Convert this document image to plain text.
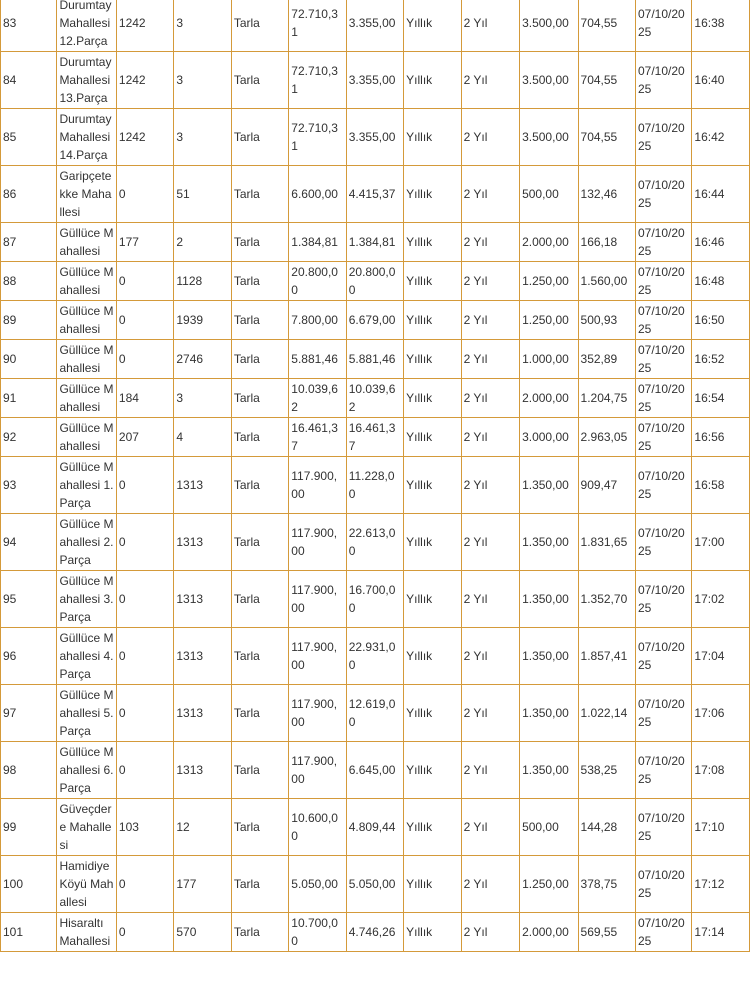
83	Durumtay Mahallesi 12.Parça	1242	3	Tarla	72.710,31	3.355,00	Yıllık	2 Yıl	3.500,00	704,55	07/10/2025	16:38
84	Durumtay Mahallesi 13.Parça	1242	3	Tarla	72.710,31	3.355,00	Yıllık	2 Yıl	3.500,00	704,55	07/10/2025	16:40
85	Durumtay Mahallesi 14.Parça	1242	3	Tarla	72.710,31	3.355,00	Yıllık	2 Yıl	3.500,00	704,55	07/10/2025	16:42
86	Garipçetekke Mahallesi	0	51	Tarla	6.600,00	4.415,37	Yıllık	2 Yıl	500,00	132,46	07/10/2025	16:44
87	Güllüce Mahallesi	177	2	Tarla	1.384,81	1.384,81	Yıllık	2 Yıl	2.000,00	166,18	07/10/2025	16:46
88	Güllüce Mahallesi	0	1128	Tarla	20.800,00	20.800,00	Yıllık	2 Yıl	1.250,00	1.560,00	07/10/2025	16:48
89	Güllüce Mahallesi	0	1939	Tarla	7.800,00	6.679,00	Yıllık	2 Yıl	1.250,00	500,93	07/10/2025	16:50
90	Güllüce Mahallesi	0	2746	Tarla	5.881,46	5.881,46	Yıllık	2 Yıl	1.000,00	352,89	07/10/2025	16:52
91	Güllüce Mahallesi	184	3	Tarla	10.039,62	10.039,62	Yıllık	2 Yıl	2.000,00	1.204,75	07/10/2025	16:54
92	Güllüce Mahallesi	207	4	Tarla	16.461,37	16.461,37	Yıllık	2 Yıl	3.000,00	2.963,05	07/10/2025	16:56
93	Güllüce Mahallesi 1.Parça	0	1313	Tarla	117.900,00	11.228,00	Yıllık	2 Yıl	1.350,00	909,47	07/10/2025	16:58
94	Güllüce Mahallesi 2.Parça	0	1313	Tarla	117.900,00	22.613,00	Yıllık	2 Yıl	1.350,00	1.831,65	07/10/2025	17:00
95	Güllüce Mahallesi 3.Parça	0	1313	Tarla	117.900,00	16.700,00	Yıllık	2 Yıl	1.350,00	1.352,70	07/10/2025	17:02
96	Güllüce Mahallesi 4.Parça	0	1313	Tarla	117.900,00	22.931,00	Yıllık	2 Yıl	1.350,00	1.857,41	07/10/2025	17:04
97	Güllüce Mahallesi 5.Parça	0	1313	Tarla	117.900,00	12.619,00	Yıllık	2 Yıl	1.350,00	1.022,14	07/10/2025	17:06
98	Güllüce Mahallesi 6.Parça	0	1313	Tarla	117.900,00	6.645,00	Yıllık	2 Yıl	1.350,00	538,25	07/10/2025	17:08
99	Güveçdere Mahallesi	103	12	Tarla	10.600,00	4.809,44	Yıllık	2 Yıl	500,00	144,28	07/10/2025	17:10
100	Hamidiye Köyü Mahallesi	0	177	Tarla	5.050,00	5.050,00	Yıllık	2 Yıl	1.250,00	378,75	07/10/2025	17:12
101	Hisaraltı Mahallesi	0	570	Tarla	10.700,00	4.746,26	Yıllık	2 Yıl	2.000,00	569,55	07/10/2025	17:14
